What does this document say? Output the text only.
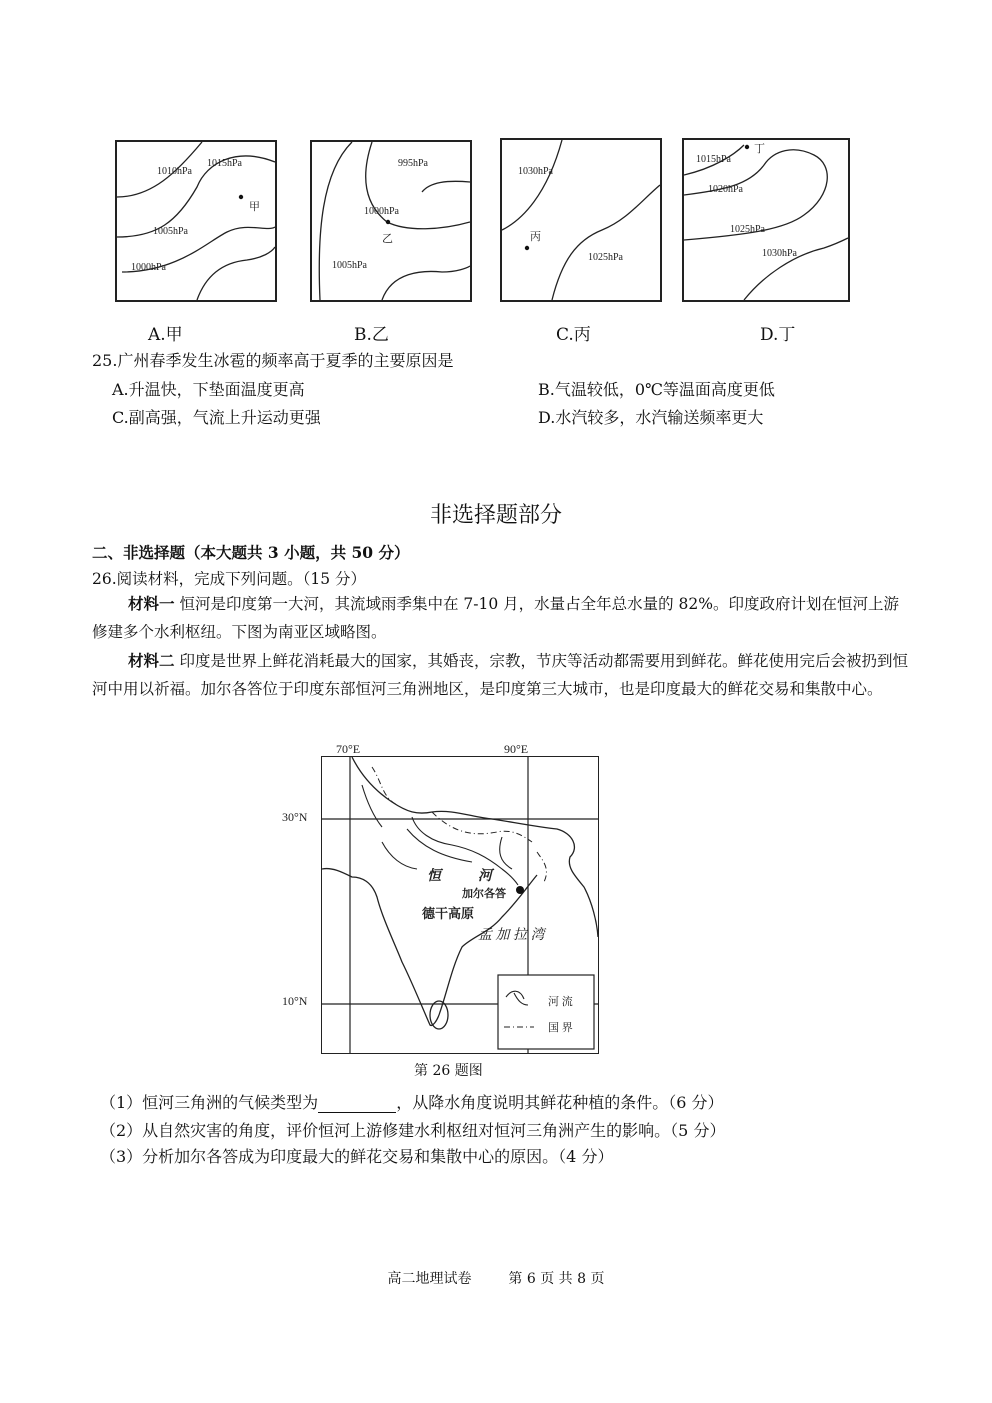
1015hPa
1010hPa
1005hPa
1000hPa
甲
995hPa
1000hPa
1005hPa
乙
1030hPa
1025hPa
丙
1015hPa
1020hPa
1025hPa
1030hPa
丁
A.甲	B.乙	C.丙	D.丁
25.广州春季发生冰雹的频率高于夏季的主要原因是
A.升温快，下垫面温度更高	B.气温较低，0℃等温面高度更低
C.副高强，气流上升运动更强	D.水汽较多，水汽输送频率更大
非选择题部分
二、非选择题（本大题共 3 小题，共 50 分）
26.阅读材料，完成下列问题。（15 分）
材料一 恒河是印度第一大河，其流域雨季集中在 7-10 月，水量占全年总水量的 82%。印度政府计划在恒河上游修建多个水利枢纽。下图为南亚区域略图。
材料二 印度是世界上鲜花消耗最大的国家，其婚丧，宗教，节庆等活动都需要用到鲜花。鲜花使用完后会被扔到恒河中用以祈福。加尔各答位于印度东部恒河三角洲地区，是印度第三大城市，也是印度最大的鲜花交易和集散中心。
德干高原
恒	河
加尔各答
孟 加 拉 湾
河 流
国 界
70°E	90°E
30°N
10°N
第 26 题图
（1）恒河三角洲的气候类型为	，从降水角度说明其鲜花种植的条件。（6 分）
（2）从自然灾害的角度，评价恒河上游修建水利枢纽对恒河三角洲产生的影响。（5 分）
（3）分析加尔各答成为印度最大的鲜花交易和集散中心的原因。（4 分）
高二地理试卷	第 6 页 共 8 页
